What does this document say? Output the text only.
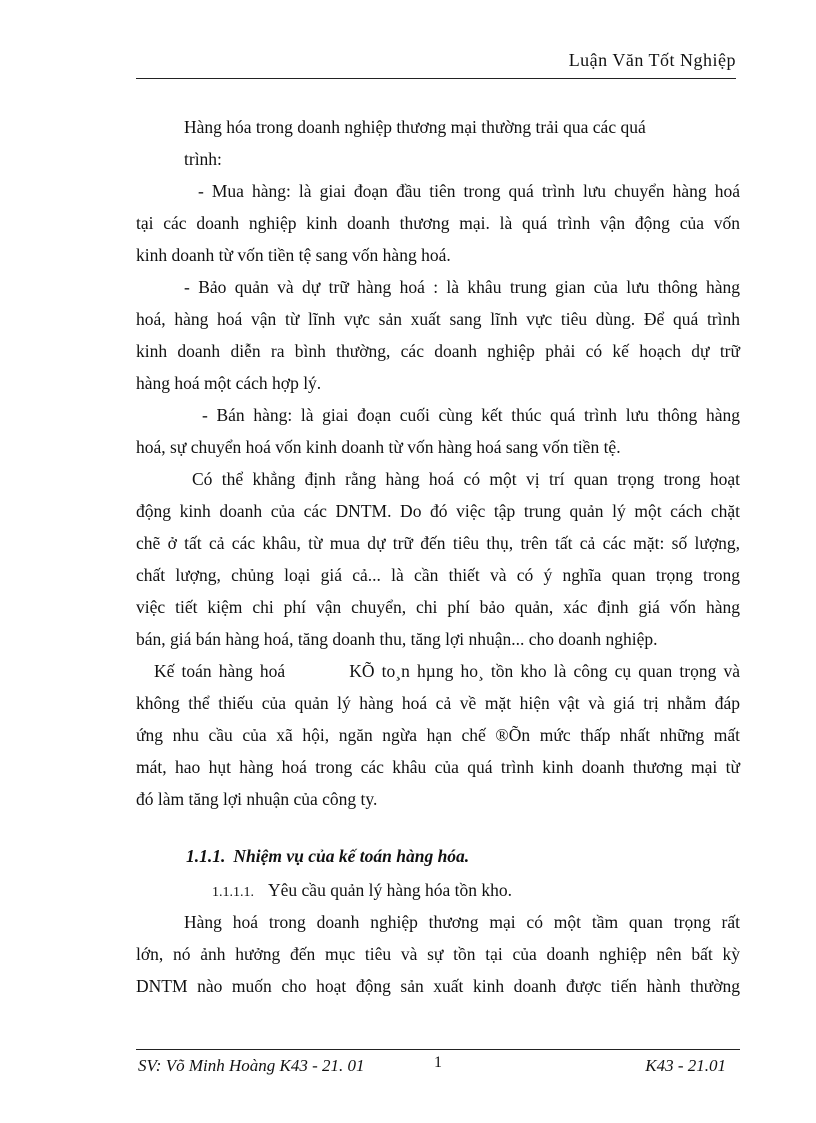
Luận Văn Tốt Nghiệp
Hàng hóa trong doanh nghiệp thương mại thường trải qua các quá
trình:
- Mua hàng: là giai đoạn đầu tiên trong quá trình lưu chuyển hàng hoá
tại các doanh nghiệp kinh doanh thương mại. là quá trình vận động của vốn
kinh doanh từ vốn tiền tệ sang vốn hàng hoá.
- Bảo quản và dự trữ hàng hoá : là khâu trung gian của lưu thông hàng
hoá, hàng hoá vận từ lĩnh vực sản xuất sang lĩnh vực tiêu dùng. Để quá trình
kinh doanh diễn ra bình thường, các doanh nghiệp phải có kế hoạch dự trữ
hàng hoá một cách hợp lý.
- Bán hàng: là giai đoạn cuối cùng kết thúc quá trình lưu thông hàng
hoá, sự chuyển hoá vốn kinh doanh từ vốn hàng hoá sang vốn tiền tệ.
Có thể khẳng định rằng hàng hoá có một vị trí quan trọng trong hoạt
động kinh doanh của các DNTM. Do đó việc tập trung quản lý một cách chặt
chẽ ở tất cả các khâu, từ mua dự trữ đến tiêu thụ, trên tất cả các mặt: số lượng,
chất lượng, chủng loại giá cả... là cần thiết và có ý nghĩa quan trọng trong
việc tiết kiệm chi phí vận chuyển, chi phí bảo quản, xác định giá vốn hàng
bán, giá bán hàng hoá, tăng doanh thu, tăng lợi nhuận... cho doanh nghiệp.
Kế toán hàng hoá         KÕ to¸n hµng ho¸ tồn kho là công cụ quan trọng và
không thể thiếu của quản lý hàng hoá cả về mặt hiện vật và giá trị nhằm đáp
ứng nhu cầu của xã hội, ngăn ngừa hạn chế ®Õn mức thấp nhất những mất
mát, hao hụt hàng hoá trong các khâu của quá trình kinh doanh thương mại từ
đó làm tăng lợi nhuận của công ty.
1.1.1. Nhiệm vụ của kế toán hàng hóa.
1.1.1.1. Yêu cầu quản lý hàng hóa tồn kho.
Hàng hoá trong doanh nghiệp thương mại có một tầm quan trọng rất
lớn, nó ảnh hưởng đến mục tiêu và sự tồn tại của doanh nghiệp nên bất kỳ
DNTM nào muốn cho hoạt động sản xuất kinh doanh được tiến hành thường
SV: Võ Minh Hoàng K43 - 21. 01	1	K43 - 21.01
